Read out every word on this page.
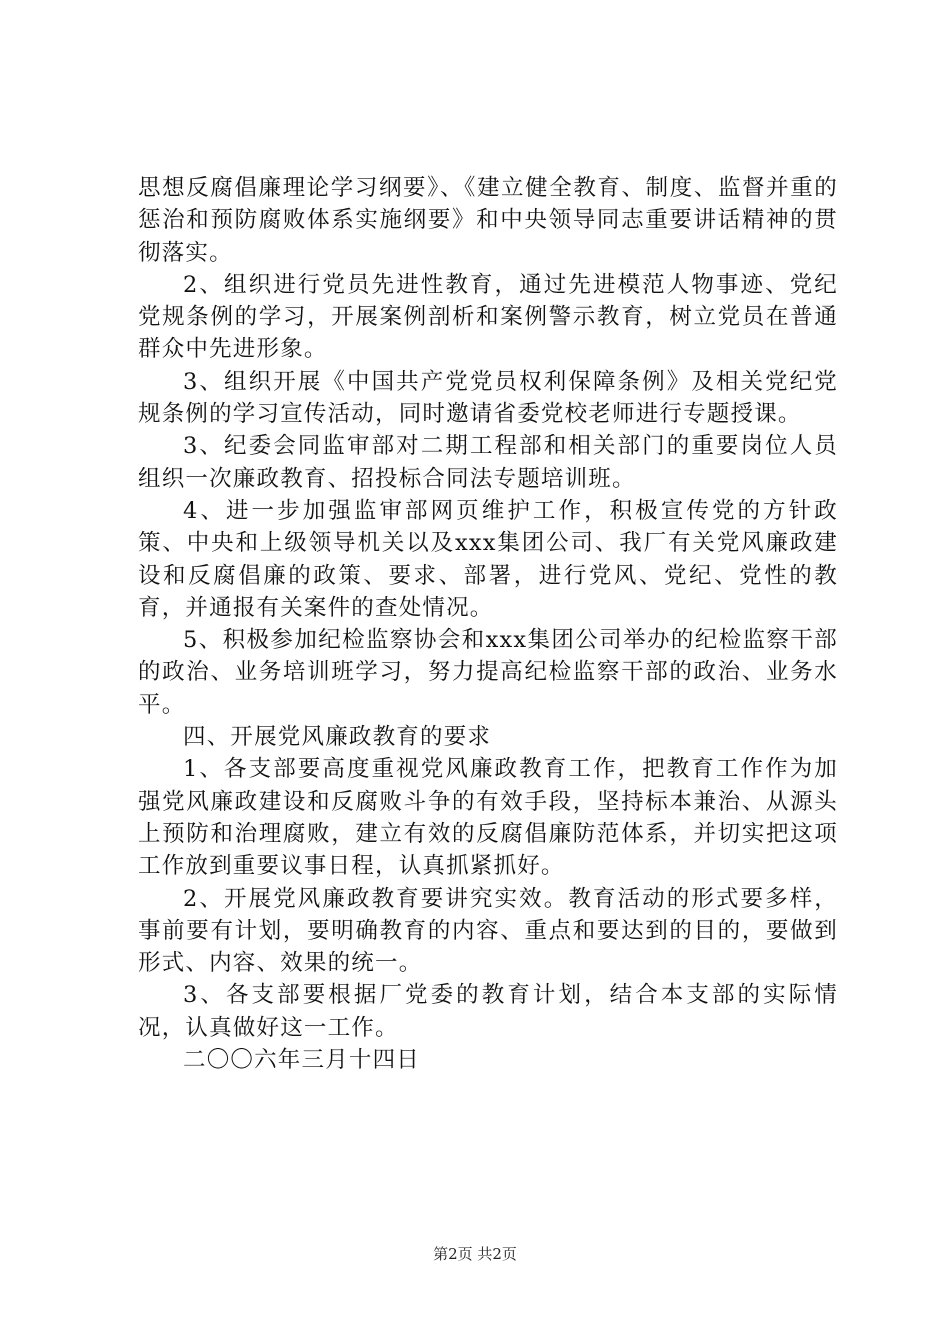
思想反腐倡廉理论学习纲要》、《建立健全教育、制度、监督并重的惩治和预防腐败体系实施纲要》和中央领导同志重要讲话精神的贯彻落实。

2、组织进行党员先进性教育，通过先进模范人物事迹、党纪党规条例的学习，开展案例剖析和案例警示教育，树立党员在普通群众中先进形象。

3、组织开展《中国共产党党员权利保障条例》及相关党纪党规条例的学习宣传活动，同时邀请省委党校老师进行专题授课。

3、纪委会同监审部对二期工程部和相关部门的重要岗位人员组织一次廉政教育、招投标合同法专题培训班。

4、进一步加强监审部网页维护工作，积极宣传党的方针政策、中央和上级领导机关以及xxx集团公司、我厂有关党风廉政建设和反腐倡廉的政策、要求、部署，进行党风、党纪、党性的教育，并通报有关案件的查处情况。

5、积极参加纪检监察协会和xxx集团公司举办的纪检监察干部的政治、业务培训班学习，努力提高纪检监察干部的政治、业务水平。

四、开展党风廉政教育的要求

1、各支部要高度重视党风廉政教育工作，把教育工作作为加强党风廉政建设和反腐败斗争的有效手段，坚持标本兼治、从源头上预防和治理腐败，建立有效的反腐倡廉防范体系，并切实把这项工作放到重要议事日程，认真抓紧抓好。

2、开展党风廉政教育要讲究实效。教育活动的形式要多样，事前要有计划，要明确教育的内容、重点和要达到的目的，要做到形式、内容、效果的统一。

3、各支部要根据厂党委的教育计划，结合本支部的实际情况，认真做好这一工作。

二〇〇六年三月十四日

第2页 共2页
